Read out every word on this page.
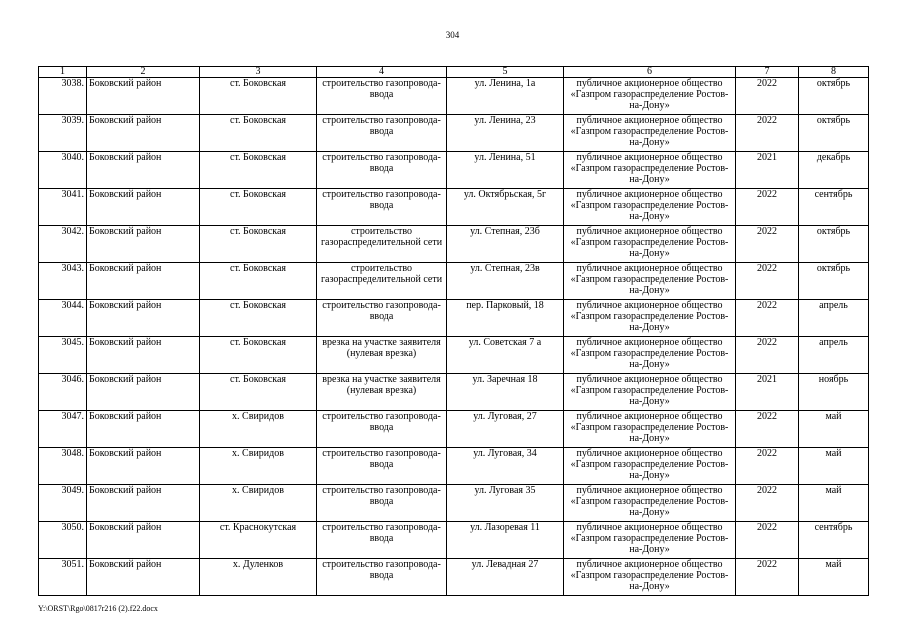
304
1	2	3	4	5	6	7	8
3038.	Боковский район	ст. Боковская	строительство газопровода-ввода	ул. Ленина, 1а	публичное акционерное общество «Газпром газораспределение Ростов-на-Дону»	2022	октябрь
3039.	Боковский район	ст. Боковская	строительство газопровода-ввода	ул. Ленина, 23	публичное акционерное общество «Газпром газораспределение Ростов-на-Дону»	2022	октябрь
3040.	Боковский район	ст. Боковская	строительство газопровода-ввода	ул. Ленина, 51	публичное акционерное общество «Газпром газораспределение Ростов-на-Дону»	2021	декабрь
3041.	Боковский район	ст. Боковская	строительство газопровода-ввода	ул. Октябрьская, 5г	публичное акционерное общество «Газпром газораспределение Ростов-на-Дону»	2022	сентябрь
3042.	Боковский район	ст. Боковская	строительство газораспределительной сети	ул. Степная, 23б	публичное акционерное общество «Газпром газораспределение Ростов-на-Дону»	2022	октябрь
3043.	Боковский район	ст. Боковская	строительство газораспределительной сети	ул. Степная, 23в	публичное акционерное общество «Газпром газораспределение Ростов-на-Дону»	2022	октябрь
3044.	Боковский район	ст. Боковская	строительство газопровода-ввода	пер. Парковый, 18	публичное акционерное общество «Газпром газораспределение Ростов-на-Дону»	2022	апрель
3045.	Боковский район	ст. Боковская	врезка на участке заявителя (нулевая врезка)	ул. Советская 7 а	публичное акционерное общество «Газпром газораспределение Ростов-на-Дону»	2022	апрель
3046.	Боковский район	ст. Боковская	врезка на участке заявителя (нулевая врезка)	ул. Заречная 18	публичное акционерное общество «Газпром газораспределение Ростов-на-Дону»	2021	ноябрь
3047.	Боковский район	х. Свиридов	строительство газопровода-ввода	ул. Луговая, 27	публичное акционерное общество «Газпром газораспределение Ростов-на-Дону»	2022	май
3048.	Боковский район	х. Свиридов	строительство газопровода-ввода	ул. Луговая, 34	публичное акционерное общество «Газпром газораспределение Ростов-на-Дону»	2022	май
3049.	Боковский район	х. Свиридов	строительство газопровода-ввода	ул. Луговая 35	публичное акционерное общество «Газпром газораспределение Ростов-на-Дону»	2022	май
3050.	Боковский район	ст. Краснокутская	строительство газопровода-ввода	ул. Лазоревая 11	публичное акционерное общество «Газпром газораспределение Ростов-на-Дону»	2022	сентябрь
3051.	Боковский район	х. Дуленков	строительство газопровода-ввода	ул. Левадная 27	публичное акционерное общество «Газпром газораспределение Ростов-на-Дону»	2022	май
Y:\ORST\Rgo\0817r216 (2).f22.docx
